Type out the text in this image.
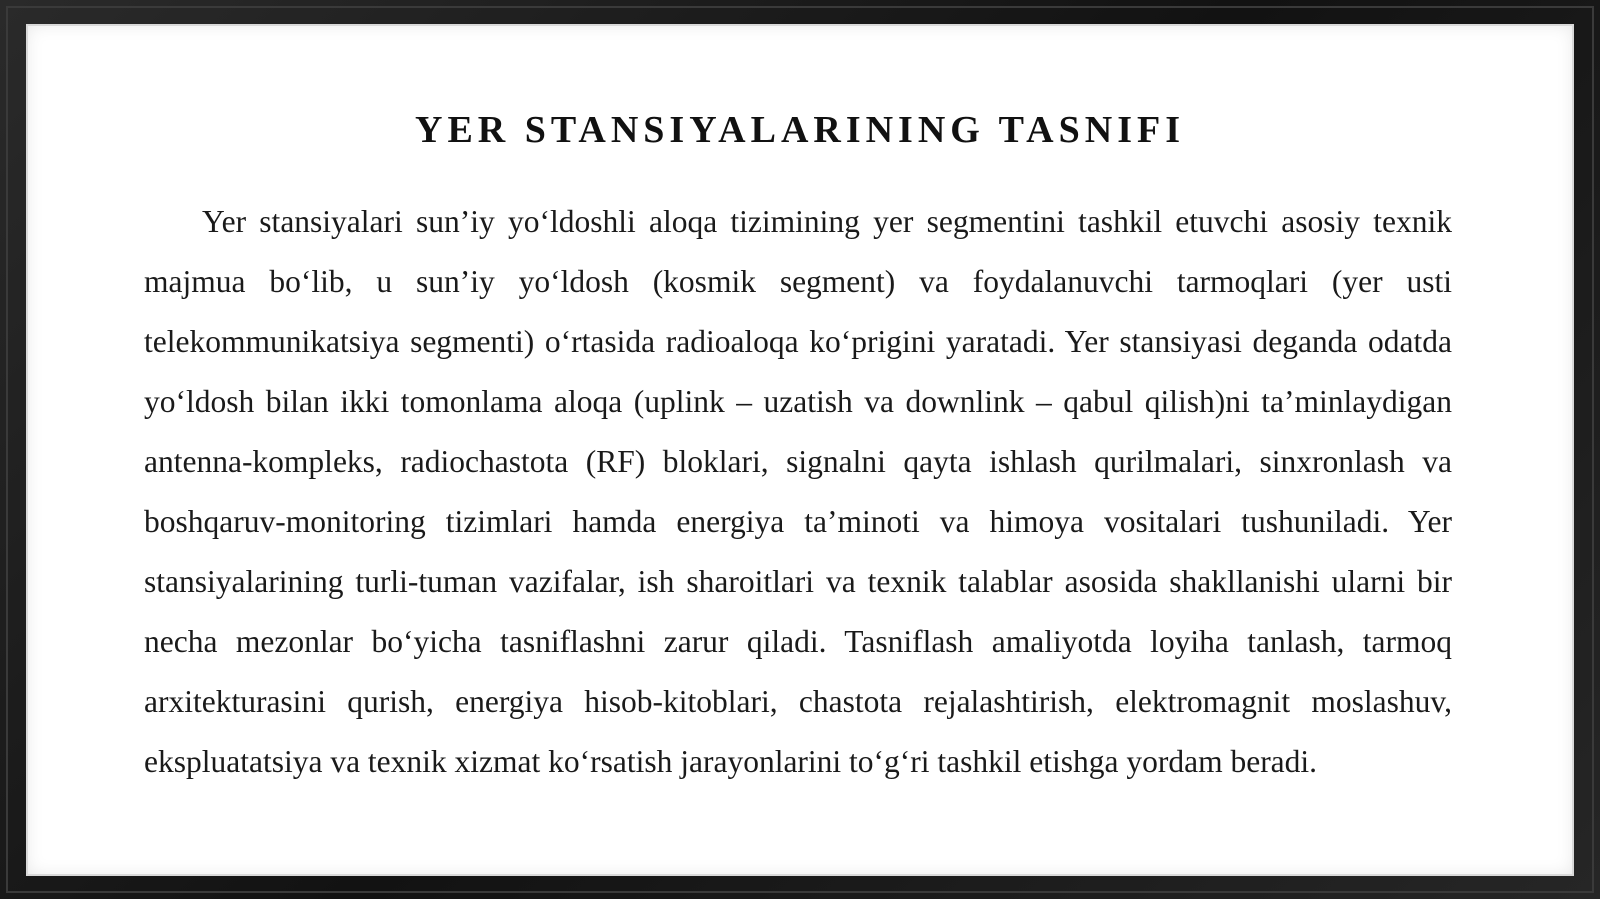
YER STANSIYALARINING TASNIFI

Yer stansiyalari sun’iy yo‘ldoshli aloqa tizimining yer segmentini tashkil etuvchi asosiy texnik majmua bo‘lib, u sun’iy yo‘ldosh (kosmik segment) va foydalanuvchi tarmoqlari (yer usti telekommunikatsiya segmenti) o‘rtasida radioaloqa ko‘prigini yaratadi. Yer stansiyasi deganda odatda yo‘ldosh bilan ikki tomonlama aloqa (uplink – uzatish va downlink – qabul qilish)ni ta’minlaydigan antenna-kompleks, radiochastota (RF) bloklari, signalni qayta ishlash qurilmalari, sinxronlash va boshqaruv-monitoring tizimlari hamda energiya ta’minoti va himoya vositalari tushuniladi. Yer stansiyalarining turli-tuman vazifalar, ish sharoitlari va texnik talablar asosida shakllanishi ularni bir necha mezonlar bo‘yicha tasniflashni zarur qiladi. Tasniflash amaliyotda loyiha tanlash, tarmoq arxitekturasini qurish, energiya hisob-kitoblari, chastota rejalashtirish, elektromagnit moslashuv, ekspluatatsiya va texnik xizmat ko‘rsatish jarayonlarini to‘g‘ri tashkil etishga yordam beradi.
